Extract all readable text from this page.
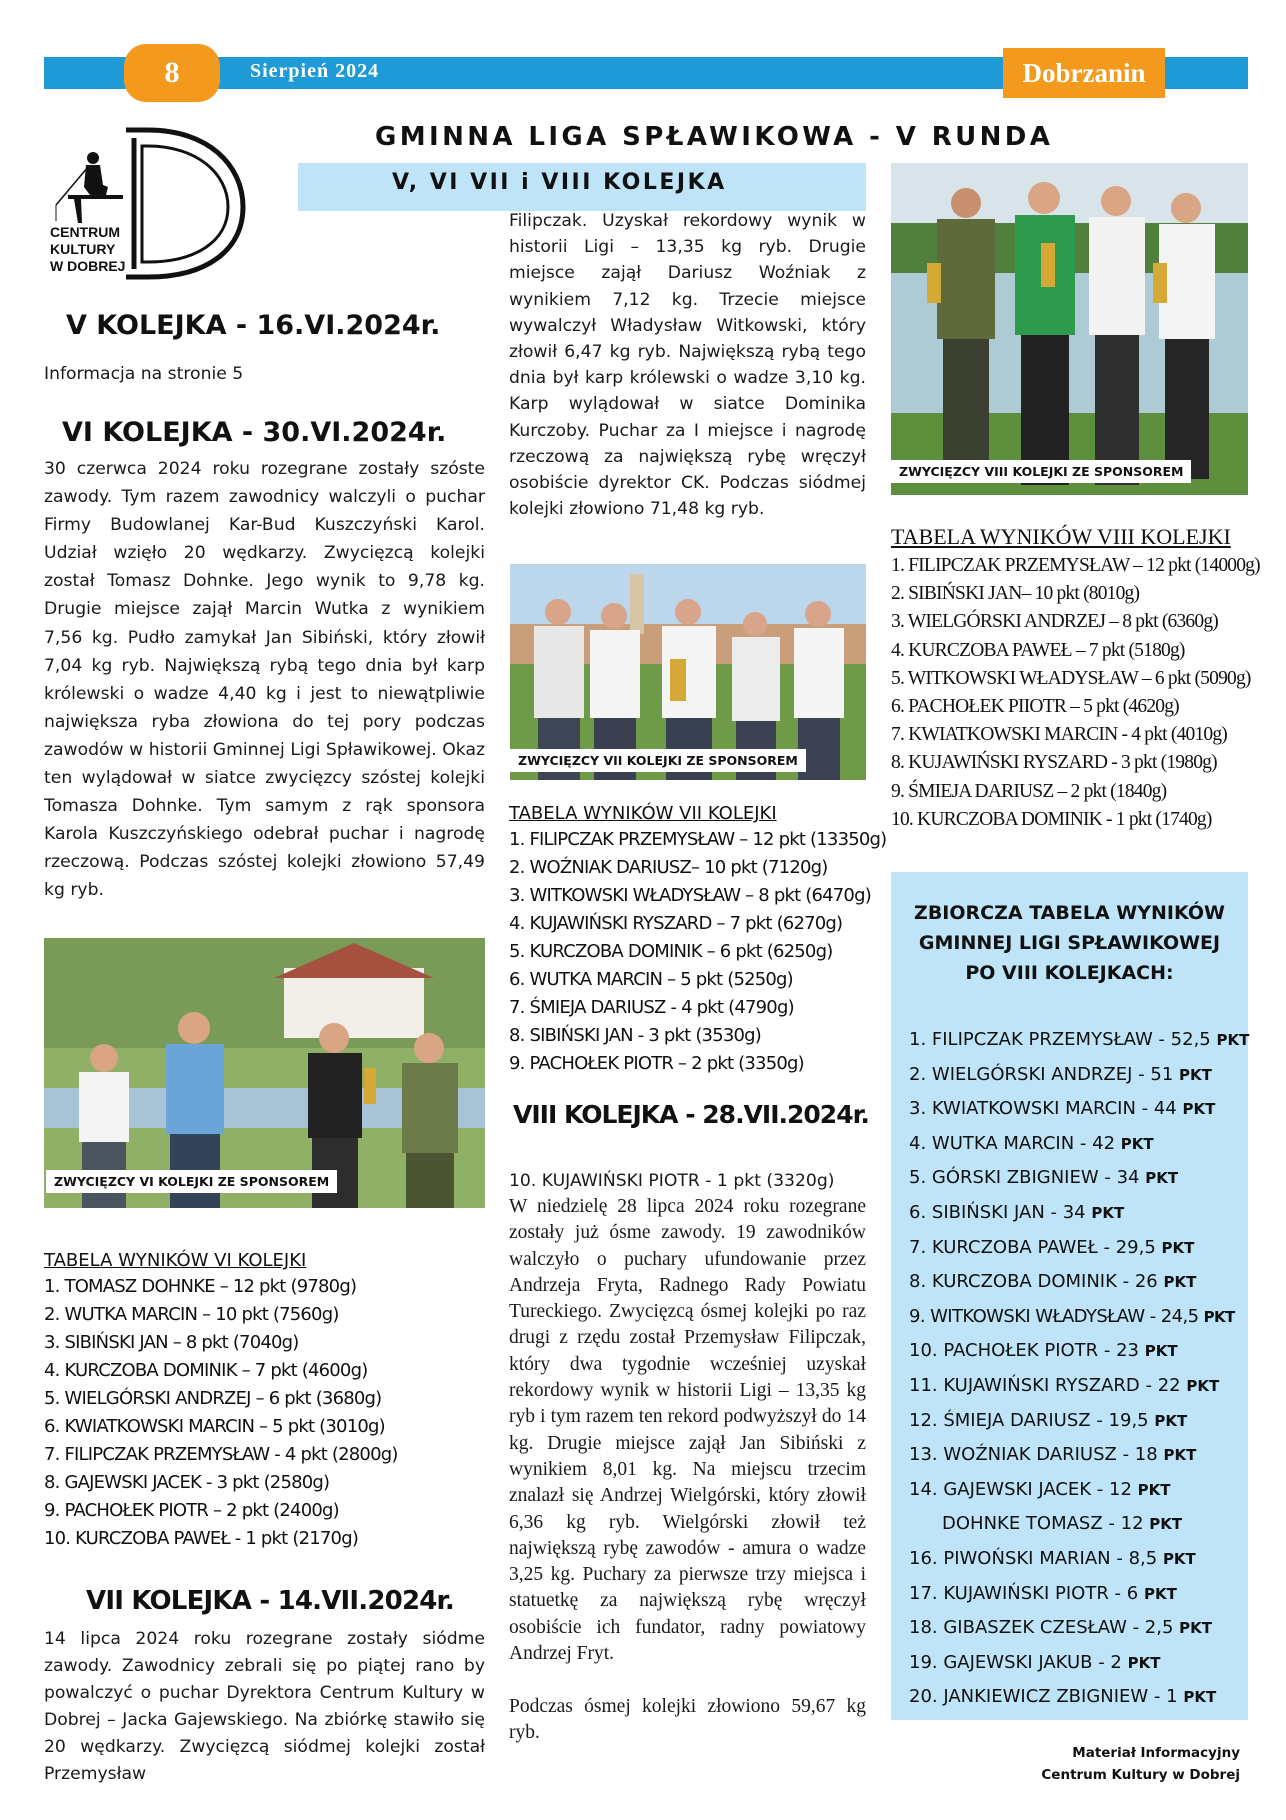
8	Sierpień 2024	Dobrzanin
CENTRUM
KULTURY
W DOBREJ
GMINNA LIGA SPŁAWIKOWA - V RUNDA
V, VI VII i VIII KOLEJKA
V KOLEJKA - 16.VI.2024r.
Informacja na stronie 5
VI KOLEJKA - 30.VI.2024r.
30 czerwca 2024 roku rozegrane zostały szóste zawody. Tym razem zawodnicy walczyli o puchar Firmy Budowlanej Kar-Bud Kuszczyński Karol. Udział wzięło 20 wędkarzy. Zwycięzcą kolejki został Tomasz Dohnke. Jego wynik to 9,78 kg. Drugie miejsce zajął Marcin Wutka z wynikiem 7,56 kg. Pudło zamykał Jan Sibiński, który złowił 7,04 kg ryb. Największą rybą tego dnia był karp królewski o wadze 4,40 kg i jest to niewątpliwie największa ryba złowiona do tej pory podczas zawodów w historii Gminnej Ligi Spławikowej. Okaz ten wylądował w siatce zwycięzcy szóstej kolejki Tomasza Dohnke. Tym samym z rąk sponsora Karola Kuszczyńskiego odebrał puchar i nagrodę rzeczową. Podczas szóstej kolejki złowiono 57,49 kg ryb.
ZWYCIĘZCY VI KOLEJKI ZE SPONSOREM
TABELA WYNIKÓW VI KOLEJKI
1. TOMASZ DOHNKE – 12 pkt (9780g)
2. WUTKA MARCIN – 10 pkt (7560g)
3. SIBIŃSKI JAN – 8 pkt (7040g)
4. KURCZOBA DOMINIK – 7 pkt (4600g)
5. WIELGÓRSKI ANDRZEJ – 6 pkt (3680g)
6. KWIATKOWSKI MARCIN – 5 pkt (3010g)
7. FILIPCZAK PRZEMYSŁAW - 4 pkt (2800g)
8. GAJEWSKI JACEK - 3 pkt (2580g)
9. PACHOŁEK PIOTR – 2 pkt (2400g)
10. KURCZOBA PAWEŁ - 1 pkt (2170g)
VII KOLEJKA - 14.VII.2024r.
14 lipca 2024 roku rozegrane zostały siódme zawody. Zawodnicy zebrali się po piątej rano by powalczyć o puchar Dyrektora Centrum Kultury w Dobrej – Jacka Gajewskiego. Na zbiórkę stawiło się 20 wędkarzy. Zwycięzcą siódmej kolejki został Przemysław
Filipczak. Uzyskał rekordowy wynik w historii Ligi – 13,35 kg ryb. Drugie miejsce zajął Dariusz Woźniak z wynikiem 7,12 kg. Trzecie miejsce wywalczył Władysław Witkowski, który złowił 6,47 kg ryb. Największą rybą tego dnia był karp królewski o wadze 3,10 kg. Karp wylądował w siatce Dominika Kurczoby. Puchar za I miejsce i nagrodę rzeczową za największą rybę wręczył osobiście dyrektor CK. Podczas siódmej kolejki złowiono 71,48 kg ryb.
ZWYCIĘZCY VII KOLEJKI ZE SPONSOREM
TABELA WYNIKÓW VII KOLEJKI
1. FILIPCZAK PRZEMYSŁAW – 12 pkt (13350g)
2. WOŹNIAK DARIUSZ– 10 pkt (7120g)
3. WITKOWSKI WŁADYSŁAW – 8 pkt (6470g)
4. KUJAWIŃSKI RYSZARD – 7 pkt (6270g)
5. KURCZOBA DOMINIK – 6 pkt (6250g)
6. WUTKA MARCIN – 5 pkt (5250g)
7. ŚMIEJA DARIUSZ - 4 pkt (4790g)
8. SIBIŃSKI JAN - 3 pkt (3530g)
9. PACHOŁEK PIOTR – 2 pkt (3350g)
VIII KOLEJKA - 28.VII.2024r.
10. KUJAWIŃSKI PIOTR - 1 pkt (3320g)
W niedzielę 28 lipca 2024 roku rozegrane zostały już ósme zawody. 19 zawodników walczyło o puchary ufundowanie przez Andrzeja Fryta, Radnego Rady Powiatu Tureckiego. Zwycięzcą ósmej kolejki po raz drugi z rzędu został Przemysław Filipczak, który dwa tygodnie wcześniej uzyskał rekordowy wynik w historii Ligi – 13,35 kg ryb i tym razem ten rekord podwyższył do 14 kg. Drugie miejsce zajął Jan Sibiński z wynikiem 8,01 kg. Na miejscu trzecim znalazł się Andrzej Wielgórski, który złowił 6,36 kg ryb. Wielgórski złowił też największą rybę zawodów - amura o wadze 3,25 kg. Puchary za pierwsze trzy miejsca i statuetkę za największą rybę wręczył osobiście ich fundator, radny powiatowy Andrzej Fryt.
Podczas ósmej kolejki złowiono 59,67 kg ryb.
ZWYCIĘZCY VIII KOLEJKI ZE SPONSOREM
TABELA WYNIKÓW VIII KOLEJKI
1. FILIPCZAK PRZEMYSŁAW – 12 pkt (14000g)
2. SIBIŃSKI JAN– 10 pkt (8010g)
3. WIELGÓRSKI ANDRZEJ – 8 pkt (6360g)
4. KURCZOBA PAWEŁ – 7 pkt (5180g)
5. WITKOWSKI WŁADYSŁAW – 6 pkt (5090g)
6. PACHOŁEK PIIOTR – 5 pkt (4620g)
7. KWIATKOWSKI MARCIN - 4 pkt (4010g)
8. KUJAWIŃSKI RYSZARD - 3 pkt (1980g)
9. ŚMIEJA DARIUSZ – 2 pkt (1840g)
10. KURCZOBA DOMINIK - 1 pkt (1740g)
ZBIORCZA TABELA WYNIKÓW
GMINNEJ LIGI SPŁAWIKOWEJ
PO VIII KOLEJKACH:
1. FILIPCZAK PRZEMYSŁAW - 52,5 PKT
2. WIELGÓRSKI ANDRZEJ - 51 PKT
3. KWIATKOWSKI MARCIN - 44 PKT
4. WUTKA MARCIN - 42 PKT
5. GÓRSKI ZBIGNIEW - 34 PKT
6. SIBIŃSKI JAN - 34 PKT
7. KURCZOBA PAWEŁ - 29,5 PKT
8. KURCZOBA DOMINIK - 26 PKT
9. WITKOWSKI WŁADYSŁAW - 24,5 PKT
10. PACHOŁEK PIOTR - 23 PKT
11. KUJAWIŃSKI RYSZARD - 22 PKT
12. ŚMIEJA DARIUSZ - 19,5 PKT
13. WOŹNIAK DARIUSZ - 18 PKT
14. GAJEWSKI JACEK - 12 PKT
DOHNKE TOMASZ - 12 PKT
16. PIWOŃSKI MARIAN - 8,5 PKT
17. KUJAWIŃSKI PIOTR - 6 PKT
18. GIBASZEK CZESŁAW - 2,5 PKT
19. GAJEWSKI JAKUB - 2 PKT
20. JANKIEWICZ ZBIGNIEW - 1 PKT
Materiał Informacyjny
Centrum Kultury w Dobrej
